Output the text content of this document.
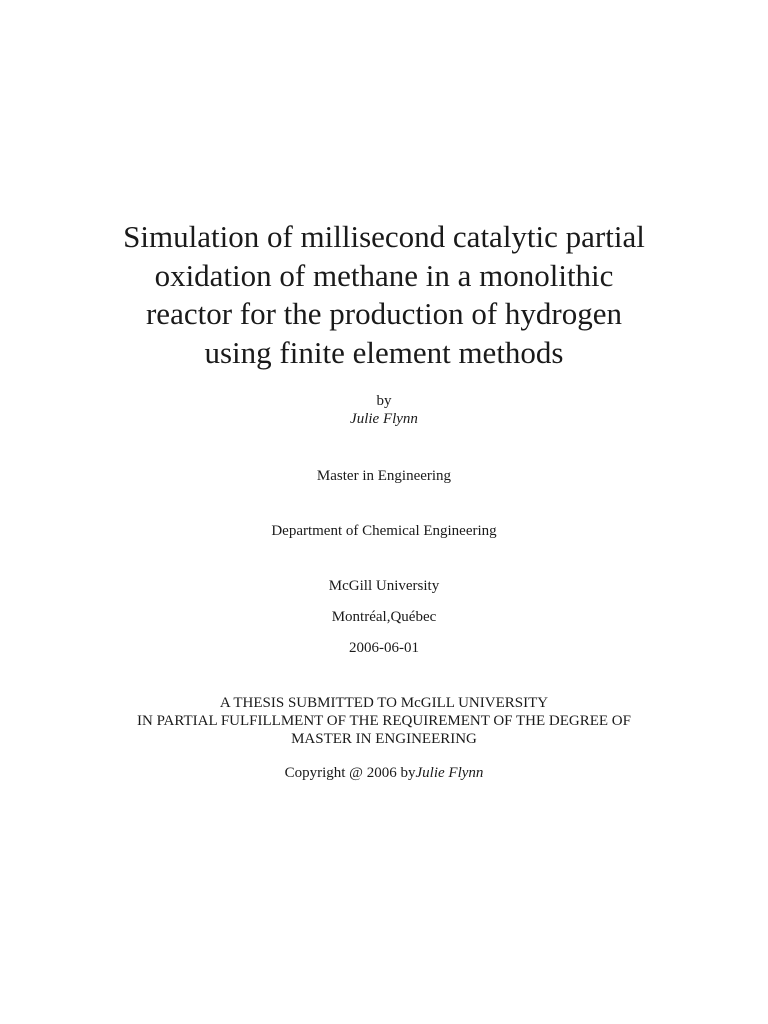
Simulation of millisecond catalytic partial
oxidation of methane in a monolithic
reactor for the production of hydrogen
using finite element methods
by
Julie Flynn
Master in Engineering
Department of Chemical Engineering
McGill University
Montréal,Québec
2006-06-01
A THESIS SUBMITTED TO McGILL UNIVERSITY
IN PARTIAL FULFILLMENT OF THE REQUIREMENT OF THE DEGREE OF
MASTER IN ENGINEERING
Copyright @ 2006 byJulie Flynn
